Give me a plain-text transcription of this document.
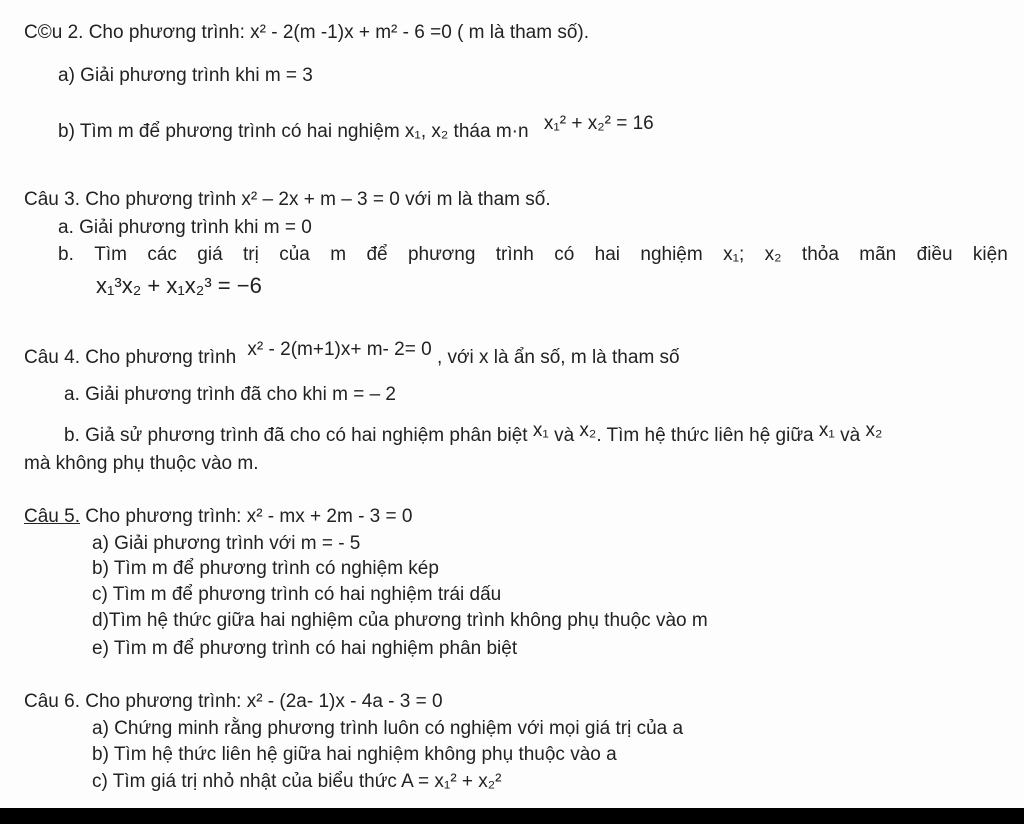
C©u 2. Cho phương trình: x² - 2(m -1)x + m² - 6 =0 ( m là tham số).
a) Giải phương trình khi m = 3
b) Tìm m để phương trình có hai nghiệm x₁, x₂ tháa m·n x₁² + x₂² = 16
Câu 3. Cho phương trình x² – 2x + m – 3 = 0 với m là tham số.
a. Giải phương trình khi m = 0
b. Tìm các giá trị của m để phương trình có hai nghiệm x₁; x₂ thỏa mãn điều kiện
x₁³x₂ + x₁x₂³ = −6
Câu 4. Cho phương trình x² - 2(m+1)x+ m- 2= 0 , với x là ẩn số, m là tham số
a. Giải phương trình đã cho khi m = – 2
b. Giả sử phương trình đã cho có hai nghiệm phân biệt x₁ và x₂. Tìm hệ thức liên hệ giữa x₁ và x₂
mà không phụ thuộc vào m.
Câu 5. Cho phương trình: x² - mx + 2m - 3 = 0
a) Giải phương trình với m = - 5
b) Tìm m để phương trình có nghiệm kép
c) Tìm m để phương trình có hai nghiệm trái dấu
d)Tìm hệ thức giữa hai nghiệm của phương trình không phụ thuộc vào m
e) Tìm m để phương trình có hai nghiệm phân biệt
Câu 6. Cho phương trình: x² - (2a- 1)x - 4a - 3 = 0
a) Chứng minh rằng phương trình luôn có nghiệm với mọi giá trị của a
b) Tìm hệ thức liên hệ giữa hai nghiệm không phụ thuộc vào a
c) Tìm giá trị nhỏ nhật của biểu thức A = x₁² + x₂²
